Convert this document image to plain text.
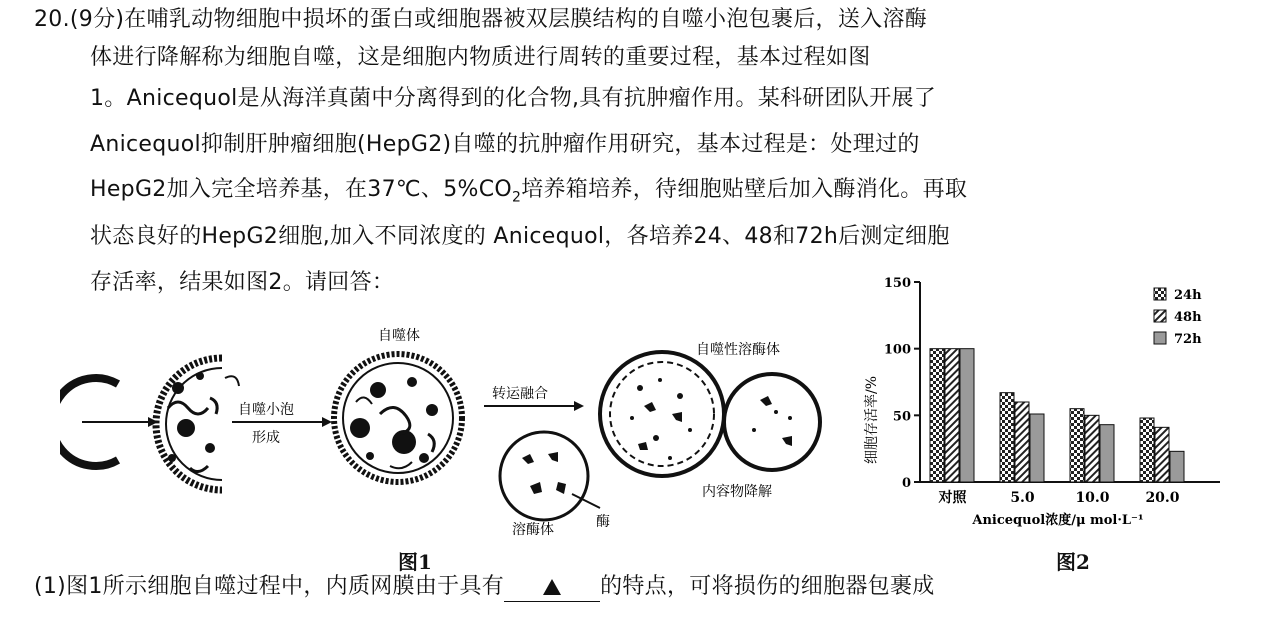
20.(9分)在哺乳动物细胞中损坏的蛋白或细胞器被双层膜结构的自噬小泡包裹后，送入溶酶
体进行降解称为细胞自噬，这是细胞内物质进行周转的重要过程，基本过程如图
1。Anicequol是从海洋真菌中分离得到的化合物,具有抗肿瘤作用。某科研团队开展了
Anicequol抑制肝肿瘤细胞(HepG2)自噬的抗肿瘤作用研究，基本过程是：处理过的
HepG2加入完全培养基，在37℃、$5\%CO_2$培养箱培养，待细胞贴壁后加入酶消化。再取
状态良好的HepG2细胞,加入不同浓度的 Anicequol，各培养24、48和72h后测定细胞
存活率，结果如图2。请回答：
自噬小泡
形成
自噬体
转运融合
溶酶体	酶
自噬性溶酶体
内容物降解
图1
细胞存活率/%
Anicequol浓度/μ mol·L⁻¹
0
50
100
150
对照	5.0	10.0	20.0
24h
48h
72h
图2
(1)图1所示细胞自噬过程中，内质网膜由于具有	的特点，可将损伤的细胞器包裹成
